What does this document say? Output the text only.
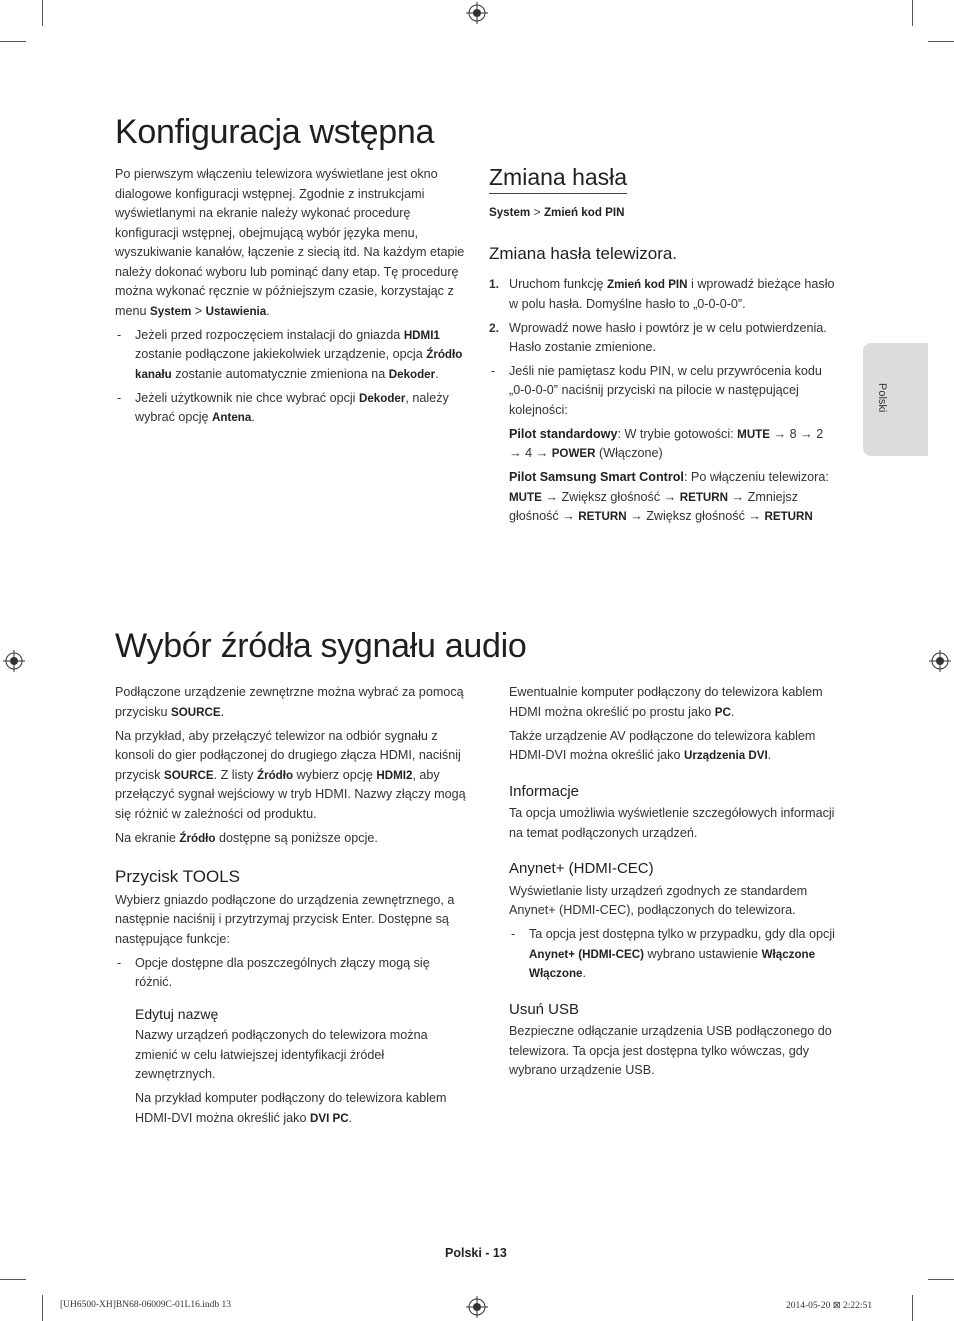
Konfiguracja wstępna

Po pierwszym włączeniu telewizora wyświetlane jest okno dialogowe konfiguracji wstępnej. Zgodnie z instrukcjami wyświetlanymi na ekranie należy wykonać procedurę konfiguracji wstępnej, obejmującą wybór języka menu, wyszukiwanie kanałów, łączenie z siecią itd. Na każdym etapie należy dokonać wyboru lub pominąć dany etap. Tę procedurę można wykonać ręcznie w późniejszym czasie, korzystając z menu System > Ustawienia.

- Jeżeli przed rozpoczęciem instalacji do gniazda HDMI1 zostanie podłączone jakiekolwiek urządzenie, opcja Źródło kanału zostanie automatycznie zmieniona na Dekoder.

- Jeżeli użytkownik nie chce wybrać opcji Dekoder, należy wybrać opcję Antena.

Zmiana hasła
System > Zmień kod PIN
Zmiana hasła telewizora.

1. Uruchom funkcję Zmień kod PIN i wprowadź bieżące hasło w polu hasła. Domyślne hasło to „0-0-0-0”.

2. Wprowadź nowe hasło i powtórz je w celu potwierdzenia. Hasło zostanie zmienione.

- Jeśli nie pamiętasz kodu PIN, w celu przywrócenia kodu „0-0-0-0” naciśnij przyciski na pilocie w następującej kolejności:

Pilot standardowy: W trybie gotowości: MUTE → 8 → 2 → 4 → POWER (Włączone)

Pilot Samsung Smart Control: Po włączeniu telewizora: MUTE → Zwiększ głośność → RETURN → Zmniejsz głośność → RETURN → Zwiększ głośność → RETURN

Polski
Wybór źródła sygnału audio

Podłączone urządzenie zewnętrzne można wybrać za pomocą przycisku SOURCE.

Na przykład, aby przełączyć telewizor na odbiór sygnału z konsoli do gier podłączonej do drugiego złącza HDMI, naciśnij przycisk SOURCE. Z listy Źródło wybierz opcję HDMI2, aby przełączyć sygnał wejściowy w tryb HDMI. Nazwy złączy mogą się różnić w zależności od produktu.

Na ekranie Źródło dostępne są poniższe opcje.

Przycisk TOOLS

Wybierz gniazdo podłączone do urządzenia zewnętrznego, a następnie naciśnij i przytrzymaj przycisk Enter. Dostępne są następujące funkcje:

- Opcje dostępne dla poszczególnych złączy mogą się różnić.

Edytuj nazwę

Nazwy urządzeń podłączonych do telewizora można zmienić w celu łatwiejszej identyfikacji źródeł zewnętrznych.

Na przykład komputer podłączony do telewizora kablem HDMI-DVI można określić jako DVI PC.

Ewentualnie komputer podłączony do telewizora kablem HDMI można określić po prostu jako PC.

Także urządzenie AV podłączone do telewizora kablem HDMI-DVI można określić jako Urządzenia DVI.

Informacje

Ta opcja umożliwia wyświetlenie szczegółowych informacji na temat podłączonych urządzeń.

Anynet+ (HDMI-CEC)

Wyświetlanie listy urządzeń zgodnych ze standardem Anynet+ (HDMI-CEC), podłączonych do telewizora.

- Ta opcja jest dostępna tylko w przypadku, gdy dla opcji Anynet+ (HDMI-CEC) wybrano ustawienie Włączone Włączone.

Usuń USB

Bezpieczne odłączanie urządzenia USB podłączonego do telewizora. Ta opcja jest dostępna tylko wówczas, gdy wybrano urządzenie USB.

Polski - 13
[UH6500-XH]BN68-06009C-01L16.indb 13	2014-05-20 ⊠ 2:22:51
